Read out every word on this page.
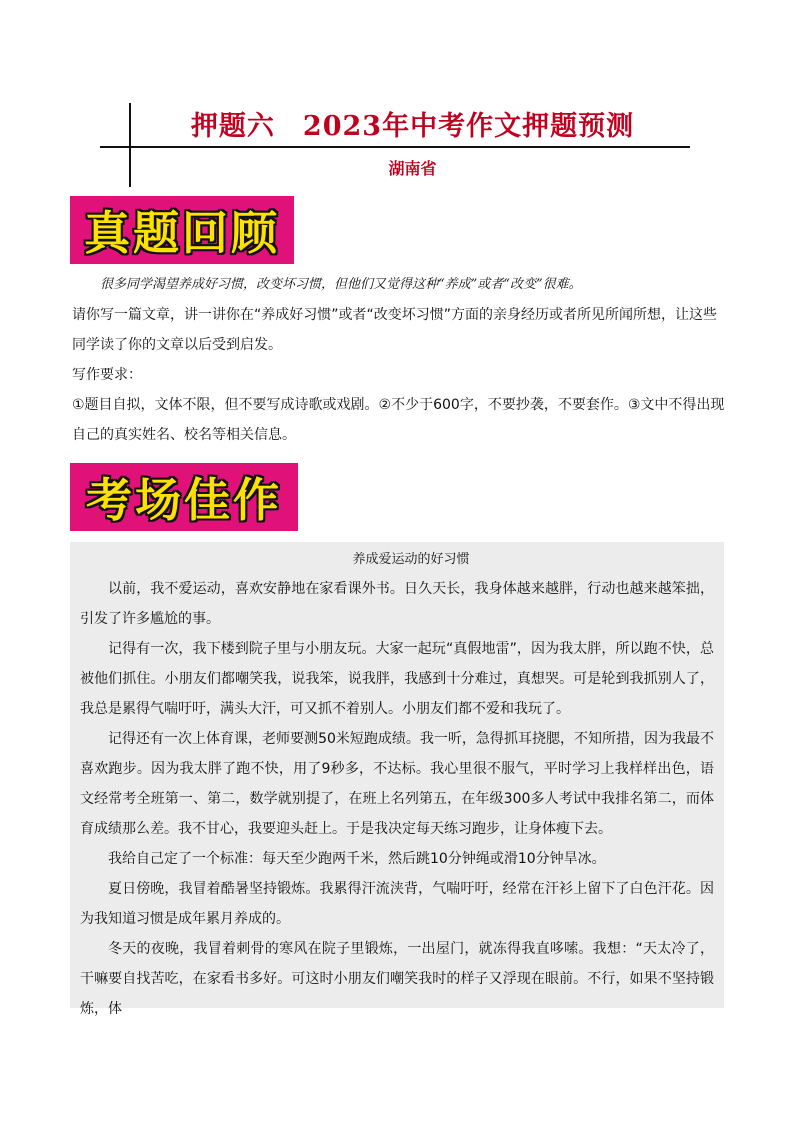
押题六　2023年中考作文押题预测
湖南省
真题回顾

很多同学渴望养成好习惯，改变坏习惯，但他们又觉得这种“养成”或者“改变”很难。

请你写一篇文章，讲一讲你在“养成好习惯”或者“改变坏习惯”方面的亲身经历或者所见所闻所想，让这些同学读了你的文章以后受到启发。

写作要求：

①题目自拟，文体不限，但不要写成诗歌或戏剧。②不少于600字，不要抄袭，不要套作。③文中不得出现自己的真实姓名、校名等相关信息。

考场佳作

养成爱运动的好习惯

以前，我不爱运动，喜欢安静地在家看课外书。日久天长，我身体越来越胖，行动也越来越笨拙，引发了许多尴尬的事。

记得有一次，我下楼到院子里与小朋友玩。大家一起玩“真假地雷”，因为我太胖，所以跑不快，总被他们抓住。小朋友们都嘲笑我，说我笨，说我胖，我感到十分难过，真想哭。可是轮到我抓别人了，我总是累得气喘吁吁，满头大汗，可又抓不着别人。小朋友们都不爱和我玩了。

记得还有一次上体育课，老师要测50米短跑成绩。我一听，急得抓耳挠腮，不知所措，因为我最不喜欢跑步。因为我太胖了跑不快，用了9秒多，不达标。我心里很不服气，平时学习上我样样出色，语文经常考全班第一、第二，数学就别提了，在班上名列第五，在年级300多人考试中我排名第二，而体育成绩那么差。我不甘心，我要迎头赶上。于是我决定每天练习跑步，让身体瘦下去。

我给自己定了一个标准：每天至少跑两千米，然后跳10分钟绳或滑10分钟旱冰。

夏日傍晚，我冒着酷暑坚持锻炼。我累得汗流浃背，气喘吁吁，经常在汗衫上留下了白色汗花。因为我知道习惯是成年累月养成的。

冬天的夜晚，我冒着刺骨的寒风在院子里锻炼，一出屋门，就冻得我直哆嗦。我想：“天太冷了，干嘛要自找苦吃，在家看书多好。可这时小朋友们嘲笑我时的样子又浮现在眼前。不行，如果不坚持锻炼，体
